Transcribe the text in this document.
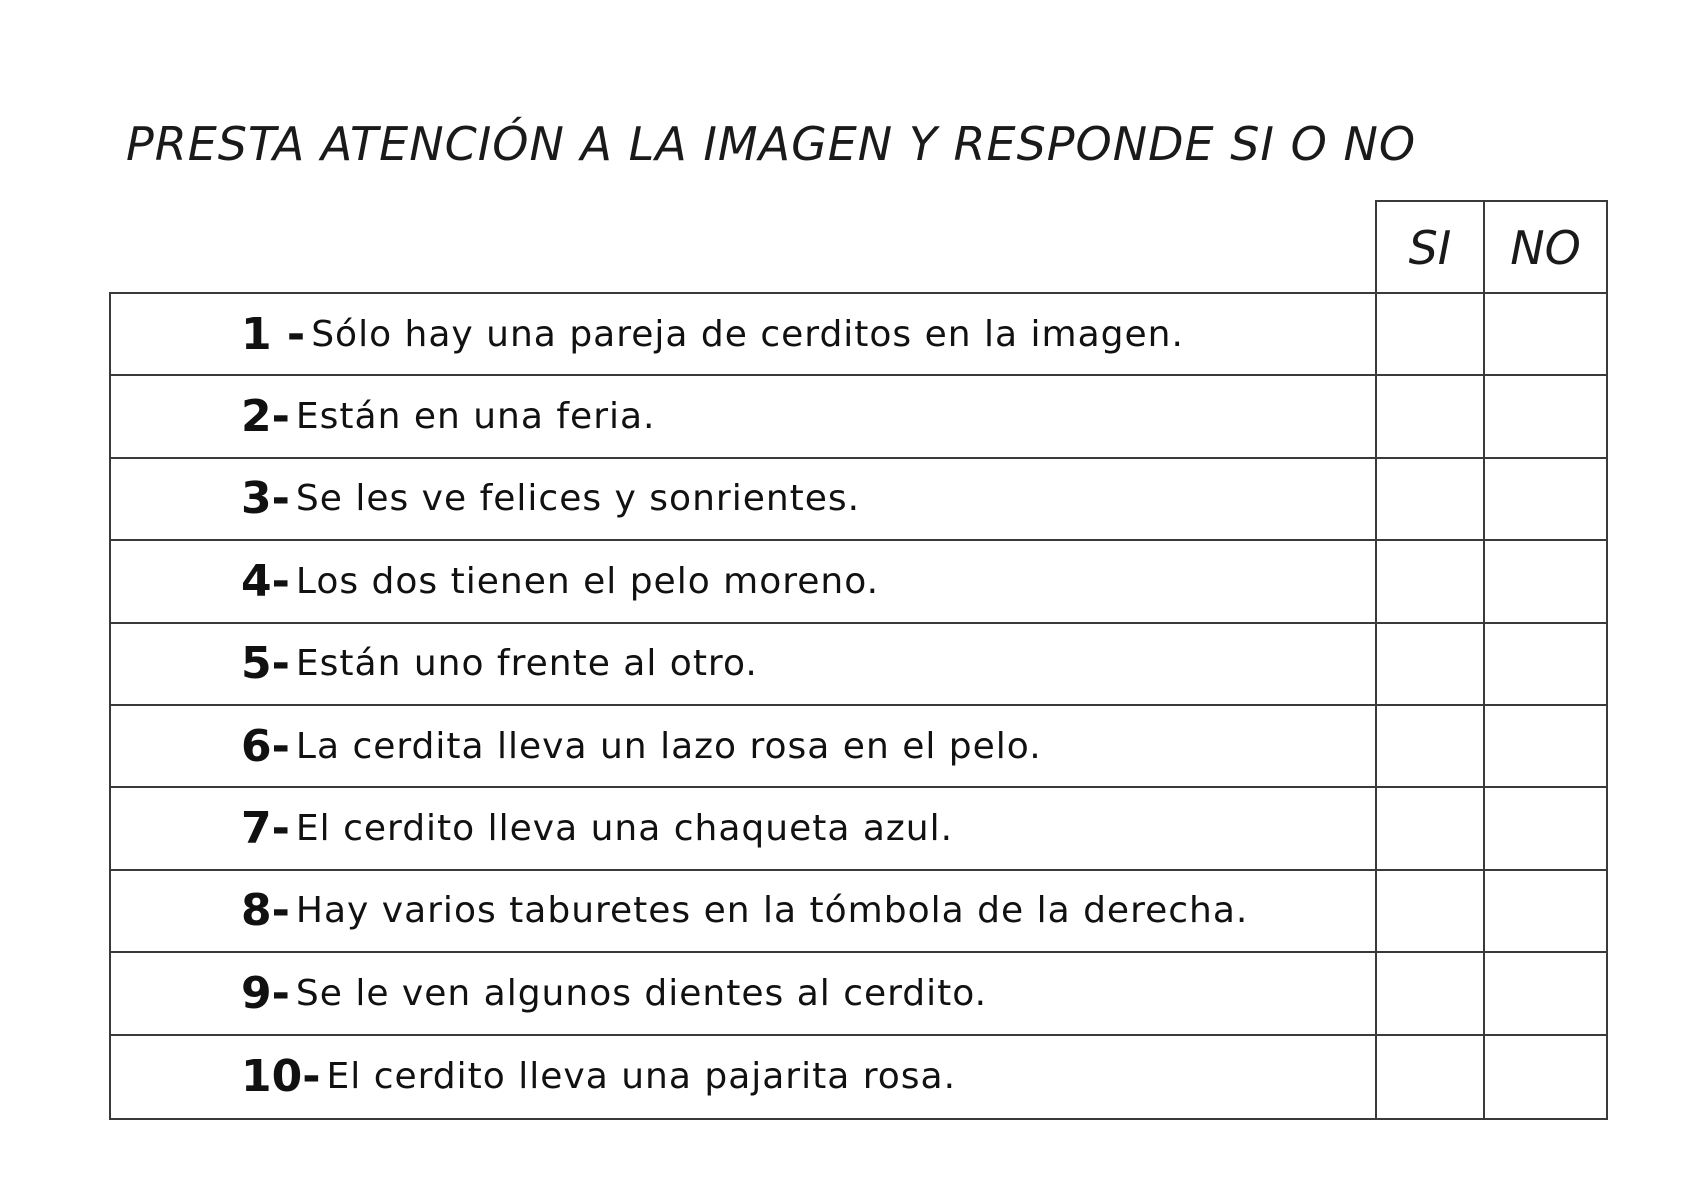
PRESTA ATENCIÓN A LA IMAGEN Y RESPONDE SI O NO
SI	NO
1 - Sólo hay una pareja de cerditos en la imagen.
2- Están en una feria.
3- Se les ve felices y sonrientes.
4- Los dos tienen el pelo moreno.
5- Están uno frente al otro.
6- La cerdita lleva un lazo rosa en el pelo.
7- El cerdito lleva una chaqueta azul.
8- Hay varios taburetes en la tómbola de la derecha.
9- Se le ven algunos dientes al cerdito.
10- El cerdito lleva una pajarita rosa.
